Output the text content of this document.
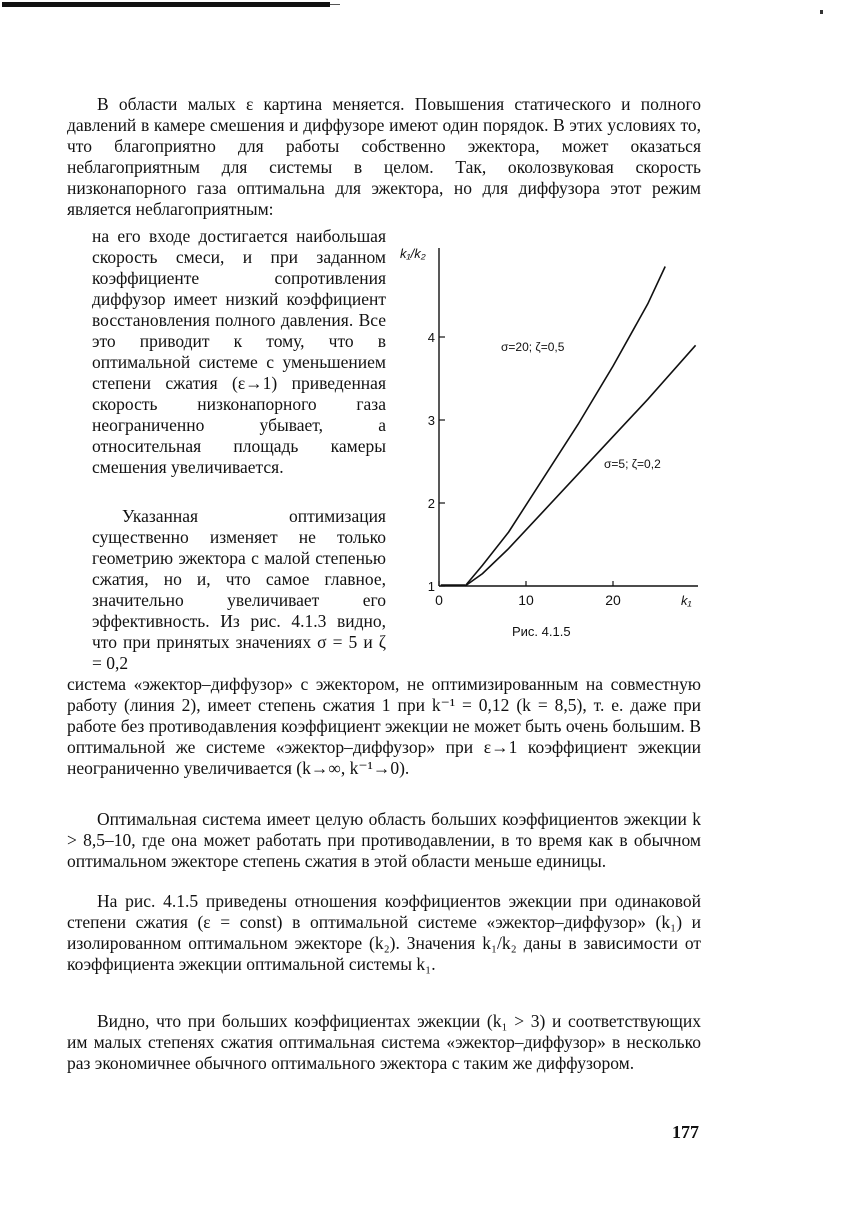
В области малых ε картина меняется. Повышения статического и полного давлений в камере смешения и диффузоре имеют один порядок. В этих условиях то, что благоприятно для работы собственно эжектора, может оказаться неблагоприятным для системы в целом. Так, околозвуковая скорость низконапорного газа оптимальна для эжектора, но для диффузора этот режим является неблагоприятным:

на его входе достигается наибольшая скорость смеси, и при заданном коэффициенте сопротивления диффузор имеет низкий коэффициент восстановления полного давления. Все это приводит к тому, что в оптимальной системе с уменьшением степени сжатия (ε→1) приведенная скорость низконапорного газа неограниченно убывает, а относительная площадь камеры смешения увеличивается.

Указанная оптимизация существенно изменяет не только геометрию эжектора с малой степенью сжатия, но и, что самое главное, значительно увеличивает его эффективность. Из рис. 4.1.3 видно, что при принятых значениях σ = 5 и ζ = 0,2

система «эжектор–диффузор» с эжектором, не оптимизированным на совместную работу (линия 2), имеет степень сжатия 1 при k⁻¹ = 0,12 (k = 8,5), т. е. даже при работе без противодавления коэффициент эжекции не может быть очень большим. В оптимальной же системе «эжектор–диффузор» при ε→1 коэффициент эжекции неограниченно увеличивается (k→∞, k⁻¹→0).

Оптимальная система имеет целую область больших коэффициентов эжекции k > 8,5–10, где она может работать при противодавлении, в то время как в обычном оптимальном эжекторе степень сжатия в этой области меньше единицы.

На рис. 4.1.5 приведены отношения коэффициентов эжекции при одинаковой степени сжатия (ε = const) в оптимальной системе «эжектор–диффузор» (k₁) и изолированном оптимальном эжекторе (k₂). Значения k₁/k₂ даны в зависимости от коэффициента эжекции оптимальной системы k₁.

Видно, что при больших коэффициентах эжекции (k₁ > 3) и соответствующих им малых степенях сжатия оптимальная система «эжектор–диффузор» в несколько раз экономичнее обычного оптимального эжектора с таким же диффузором.

1
2
3
4
0	10	20
k₁/k₂
k₁
σ=20; ζ=0,5
σ=5; ζ=0,2
Рис. 4.1.5
177
